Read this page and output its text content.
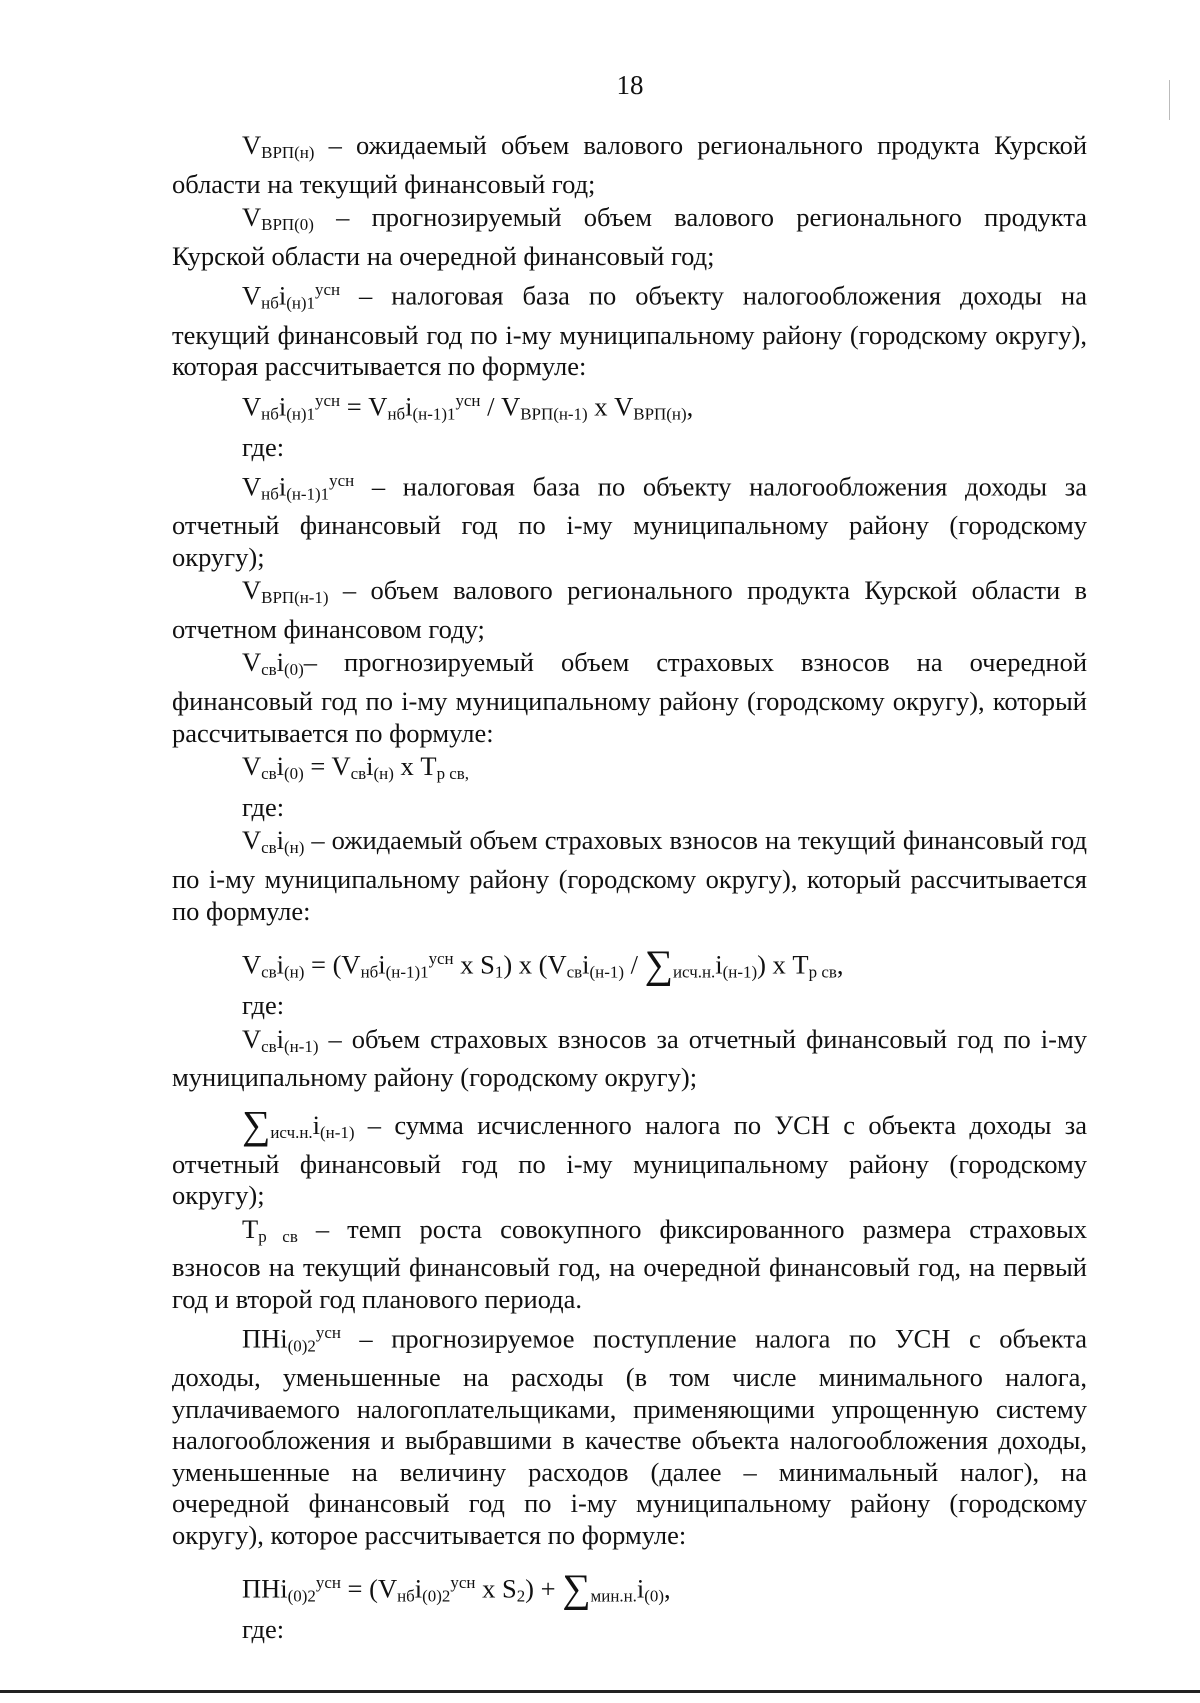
18
$V_{ВРП(н)}$ – ожидаемый объем валового регионального продукта Курской области на текущий финансовый год;
$V_{ВРП(0)}$ – прогнозируемый объем валового регионального продукта Курской области на очередной финансовый год;
$V_{нб}i_{(н)1}^{усн}$ – налоговая база по объекту налогообложения доходы на текущий финансовый год по i-му муниципальному району (городскому округу), которая рассчитывается по формуле:
$V_{нб}i_{(н)1}^{усн} = V_{нб}i_{(н-1)1}^{усн} / V_{ВРП(н-1)}$ х $V_{ВРП(н)}$,
где:
$V_{нб}i_{(н-1)1}^{усн}$ – налоговая база по объекту налогообложения доходы за отчетный финансовый год по i-му муниципальному району (городскому округу);
$V_{ВРП(н-1)}$ – объем валового регионального продукта Курской области в отчетном финансовом году;
$V_{св}i_{(0)}-$ прогнозируемый объем страховых взносов на очередной финансовый год по i-му муниципальному району (городскому округу), который рассчитывается по формуле:
$V_{св}i_{(0)} = V_{св}i_{(н)}$ х $Т_{р св,}$
где:
$V_{св}i_{(н)}$ – ожидаемый объем страховых взносов на текущий финансовый год по i-му муниципальному району (городскому округу), который рассчитывается по формуле:
$V_{св}i_{(н)} = (V_{нб}i_{(н-1)1}^{усн}$ х $S_1$) х $(V_{св}i_{(н-1)} / \sum_{исч.н.}i_{(н-1)})$ х $Т_{р св}$,
где:
$V_{св}i_{(н-1)}$ – объем страховых взносов за отчетный финансовый год по i-му муниципальному району (городскому округу);
$\sum_{исч.н.}i_{(н-1)}$ – сумма исчисленного налога по УСН с объекта доходы за отчетный финансовый год по i-му муниципальному району (городскому округу);
$Т_{р св}$ – темп роста совокупного фиксированного размера страховых взносов на текущий финансовый год, на очередной финансовый год, на первый год и второй год планового периода.
ПНi$_{(0)2}^{усн}$ – прогнозируемое поступление налога по УСН с объекта доходы, уменьшенные на расходы (в том числе минимального налога, уплачиваемого налогоплательщиками, применяющими упрощенную систему налогообложения и выбравшими в качестве объекта налогообложения доходы, уменьшенные на величину расходов (далее – минимальный налог), на очередной финансовый год по i-му муниципальному району (городскому округу), которое рассчитывается по формуле:
$ПНi_{(0)2}^{усн} = (V_{нб}i_{(0)2}^{усн}$ х $S_2) + \sum_{мин.н.}i_{(0)}$,
где:
